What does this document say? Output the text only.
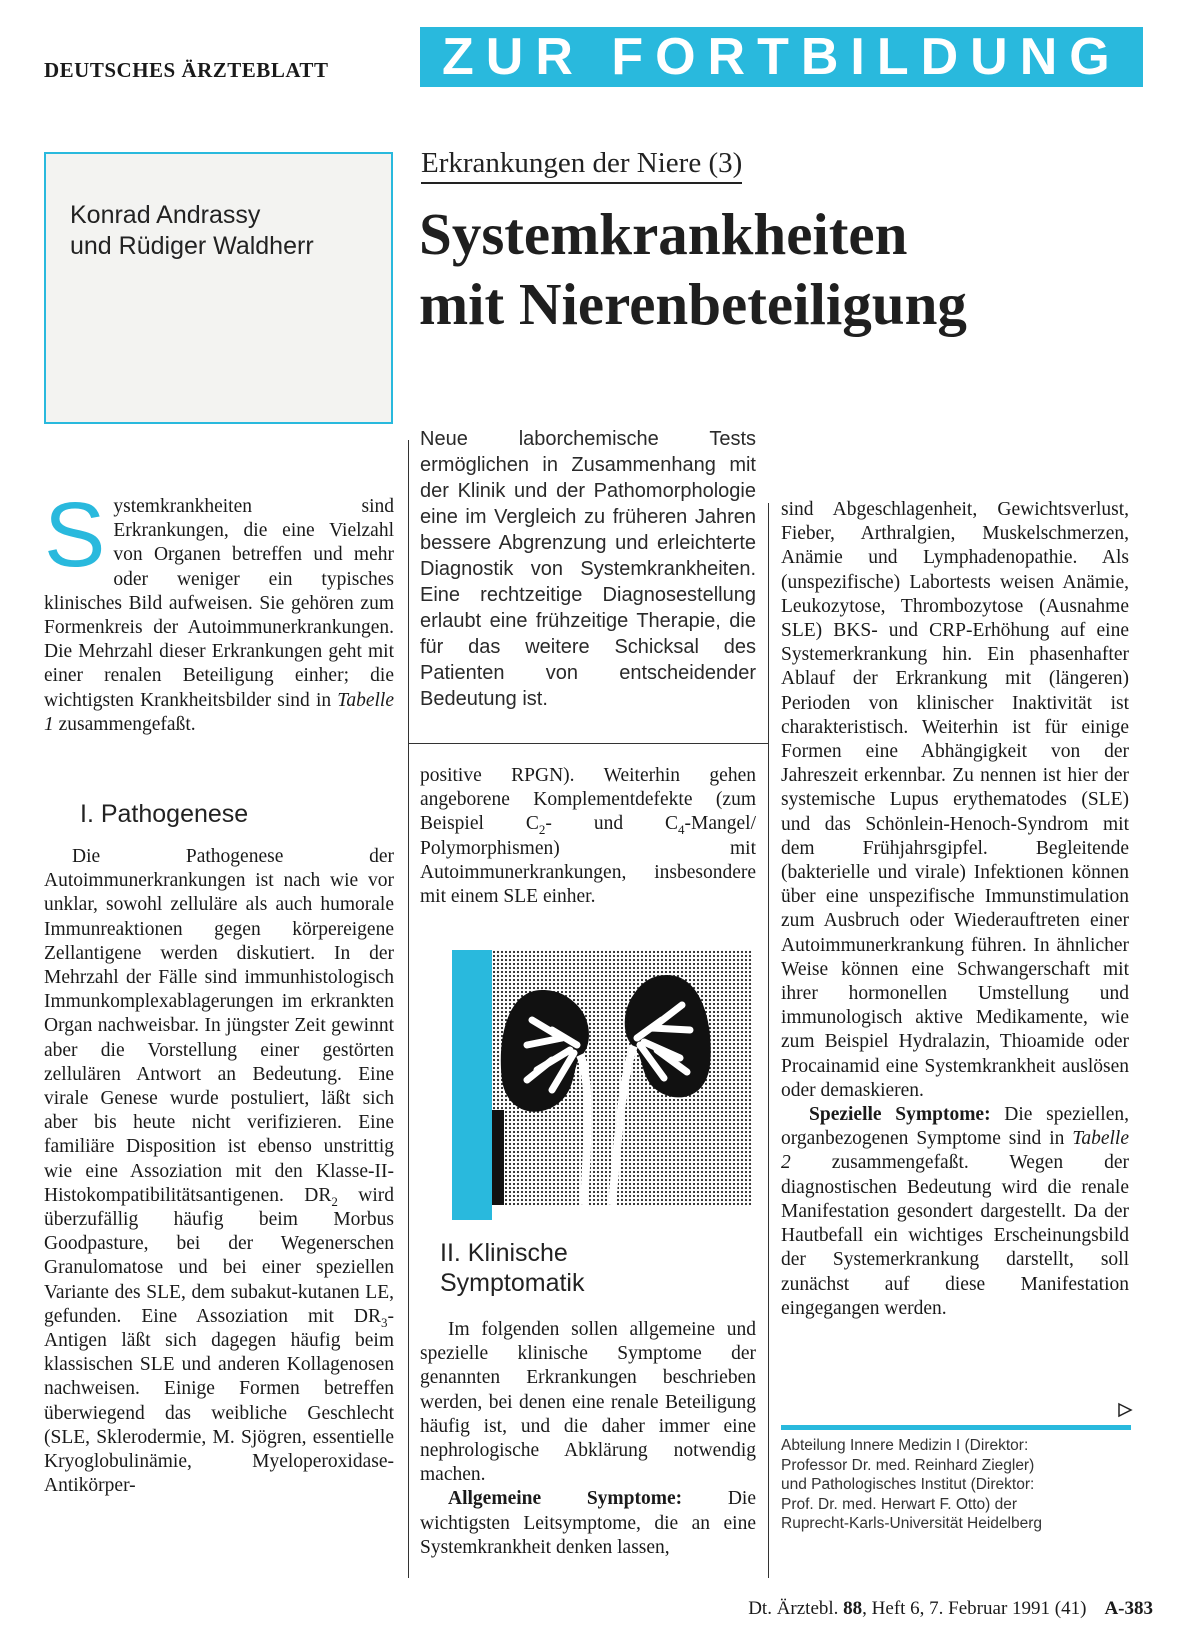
DEUTSCHES ÄRZTEBLATT	ZUR FORTBILDUNG
Konrad Andrassy
und Rüdiger Waldherr
Erkrankungen der Niere (3)
Systemkrankheiten
mit Nierenbeteiligung

Systemkrankheiten sind Erkrankungen, die eine Vielzahl von Organen betreffen und mehr oder weniger ein typisches klinisches Bild aufweisen. Sie gehören zum Formenkreis der Autoimmunerkrankungen. Die Mehrzahl dieser Erkrankungen geht mit einer renalen Beteiligung einher; die wichtigsten Krankheitsbilder sind in Tabelle 1 zusammengefaßt.

I. Pathogenese

Die Pathogenese der Autoimmunerkrankungen ist nach wie vor unklar, sowohl zelluläre als auch humorale Immunreaktionen gegen körpereigene Zellantigene werden diskutiert. In der Mehrzahl der Fälle sind immunhistologisch Immunkomplexablagerungen im erkrankten Organ nachweisbar. In jüngster Zeit gewinnt aber die Vorstellung einer gestörten zellulären Antwort an Bedeutung. Eine virale Genese wurde postuliert, läßt sich aber bis heute nicht verifizieren. Eine familiäre Disposition ist ebenso unstrittig wie eine Assoziation mit den Klasse-II-Histokompatibilitätsantigenen. $DR_2$ wird überzufällig häufig beim Morbus Goodpasture, bei der Wegenerschen Granulomatose und bei einer speziellen Variante des SLE, dem subakut-kutanen LE, gefunden. Eine Assoziation mit $DR_3$-Antigen läßt sich dagegen häufig beim klassischen SLE und anderen Kollagenosen nachweisen. Einige Formen betreffen überwiegend das weibliche Geschlecht (SLE, Sklerodermie, M. Sjögren, essentielle Kryoglobulinämie, Myeloperoxidase-Antikörper-

Neue laborchemische Tests ermöglichen in Zusammenhang mit der Klinik und der Pathomorphologie eine im Vergleich zu früheren Jahren bessere Abgrenzung und erleichterte Diagnostik von Systemkrankheiten. Eine rechtzeitige Diagnosestellung erlaubt eine frühzeitige Therapie, die für das weitere Schicksal des Patienten von entscheidender Bedeutung ist.

positive RPGN). Weiterhin gehen angeborene Komplementdefekte (zum Beispiel $C_2-$ und $C_4-Mangel/$ Polymorphismen) mit Autoimmunerkrankungen, insbesondere mit einem SLE einher.

II. Klinische
Symptomatik

Im folgenden sollen allgemeine und spezielle klinische Symptome der genannten Erkrankungen beschrieben werden, bei denen eine renale Beteiligung häufig ist, und die daher immer eine nephrologische Abklärung notwendig machen.

Allgemeine Symptome: Die wichtigsten Leitsymptome, die an eine Systemkrankheit denken lassen,

sind Abgeschlagenheit, Gewichtsverlust, Fieber, Arthralgien, Muskelschmerzen, Anämie und Lymphadenopathie. Als (unspezifische) Labortests weisen Anämie, Leukozytose, Thrombozytose (Ausnahme SLE) BKS- und CRP-Erhöhung auf eine Systemerkrankung hin. Ein phasenhafter Ablauf der Erkrankung mit (längeren) Perioden von klinischer Inaktivität ist charakteristisch. Weiterhin ist für einige Formen eine Abhängigkeit von der Jahreszeit erkennbar. Zu nennen ist hier der systemische Lupus erythematodes (SLE) und das Schönlein-Henoch-Syndrom mit dem Frühjahrsgipfel. Begleitende (bakterielle und virale) Infektionen können über eine unspezifische Immunstimulation zum Ausbruch oder Wiederauftreten einer Autoimmunerkrankung führen. In ähnlicher Weise können eine Schwangerschaft mit ihrer hormonellen Umstellung und immunologisch aktive Medikamente, wie zum Beispiel Hydralazin, Thioamide oder Procainamid eine Systemkrankheit auslösen oder demaskieren.

Spezielle Symptome: Die speziellen, organbezogenen Symptome sind in Tabelle 2 zusammengefaßt. Wegen der diagnostischen Bedeutung wird die renale Manifestation gesondert dargestellt. Da der Hautbefall ein wichtiges Erscheinungsbild der Systemerkrankung darstellt, soll zunächst auf diese Manifestation eingegangen werden.

Abteilung Innere Medizin I (Direktor:
Professor Dr. med. Reinhard Ziegler)
und Pathologisches Institut (Direktor:
Prof. Dr. med. Herwart F. Otto) der
Ruprecht-Karls-Universität Heidelberg
Dt. Ärztebl. 88, Heft 6, 7. Februar 1991 (41) A-383
